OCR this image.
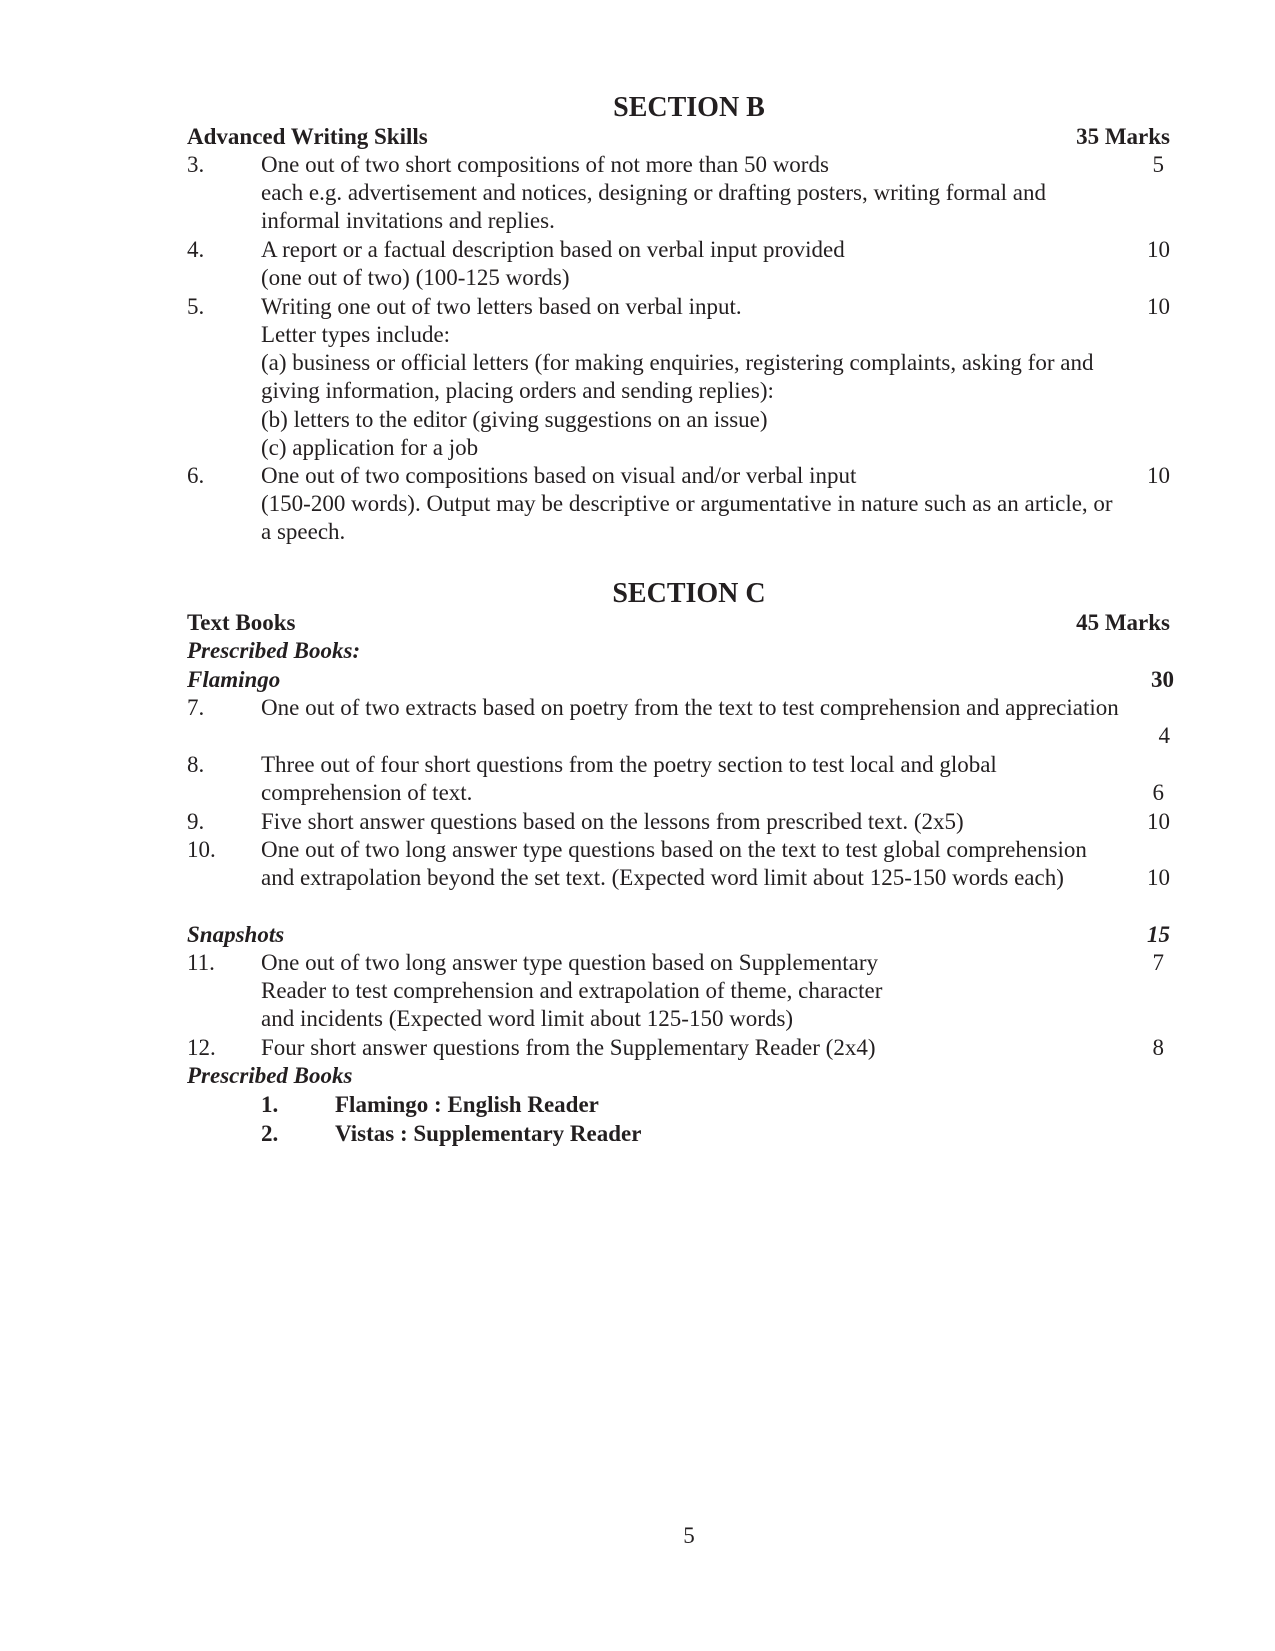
SECTION B
Advanced Writing Skills	35 Marks
3. One out of two short compositions of not more than 50 words
each e.g. advertisement and notices, designing or drafting posters, writing formal and
informal invitations and replies.
5
4. A report or a factual description based on verbal input provided
(one out of two) (100-125 words)
10
5. Writing one out of two letters based on verbal input.
Letter types include:
(a) business or official letters (for making enquiries, registering complaints, asking for and
giving information, placing orders and sending replies):
(b) letters to the editor (giving suggestions on an issue)
(c) application for a job
10
6. One out of two compositions based on visual and/or verbal input
(150-200 words). Output may be descriptive or argumentative in nature such as an article, or
a speech.
10
SECTION C
Text Books	45 Marks
Prescribed Books:
Flamingo	30
7. One out of two extracts based on poetry from the text to test comprehension and appreciation
4
8. Three out of four short questions from the poetry section to test local and global
comprehension of text.	6
9. Five short answer questions based on the lessons from prescribed text. (2x5)	10
10. One out of two long answer type questions based on the text to test global comprehension
and extrapolation beyond the set text. (Expected word limit about 125-150 words each)	10
Snapshots	15
11. One out of two long answer type question based on Supplementary
Reader to test comprehension and extrapolation of theme, character
and incidents (Expected word limit about 125-150 words)
7
12. Four short answer questions from the Supplementary Reader (2x4)	8
Prescribed Books
1. Flamingo : English Reader
2. Vistas : Supplementary Reader
5
